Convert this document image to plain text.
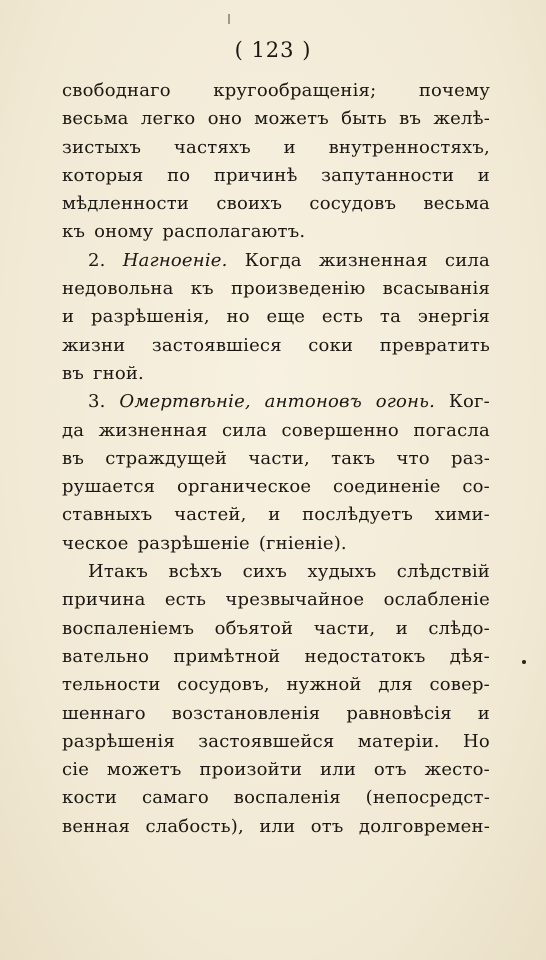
( 123 )
свободнаго кругообращенія; почему
весьма легко оно можетъ быть въ желѣ-
зистыхъ частяхъ и внутренностяхъ,
которыя по причинѣ запутанности и
мѣдленности своихъ сосудовъ весьма
къ оному располагаютъ.
2. Нагноеніе. Когда жизненная сила
недовольна къ произведенію всасыванія
и разрѣшенія, но еще есть та энергія
жизни застоявшіеся соки превратить
въ гной.
3. Омертвѣніе, антоновъ огонь. Ког-
да жизненная сила совершенно погасла
въ страждущей части, такъ что раз-
рушается органическое соединеніе со-
ставныхъ частей, и послѣдуетъ хими-
ческое разрѣшеніе (гніеніе).
Итакъ всѣхъ сихъ худыхъ слѣдствій
причина есть чрезвычайное ослабленіе
воспаленіемъ объятой части, и слѣдо-
вательно примѣтной недостатокъ дѣя-
тельности сосудовъ, нужной для совер-
шеннаго возстановленія равновѣсія и
разрѣшенія застоявшейся матеріи. Но
сіе можетъ произойти или отъ жесто-
кости самаго воспаленія (непосредст-
венная слабость), или отъ долговремен-
